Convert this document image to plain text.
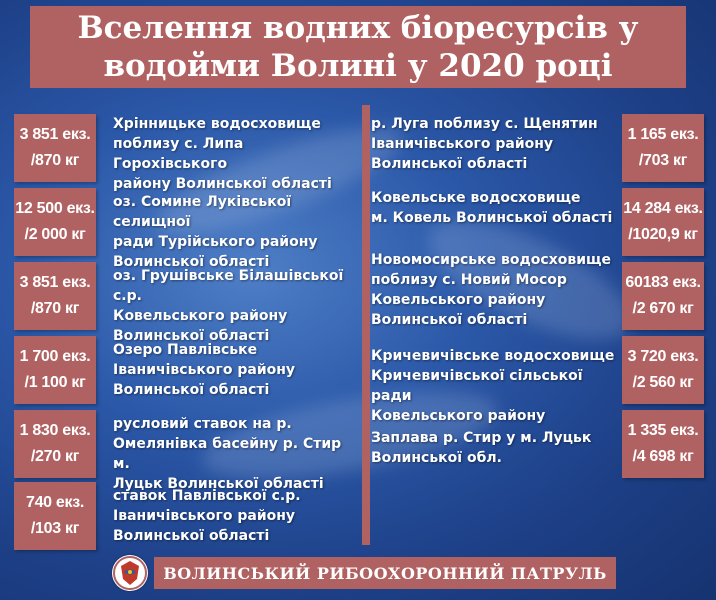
Вселення водних біоресурсів у
водойми Волині у 2020 році
3 851 екз.
/870 кг
Хрінницьке водосховище
поблизу с. Липа Горохівського
району Волинської області
12 500 екз.
/2 000 кг
оз. Сомине Луківської селищної
ради Турійського району
Волинської області
3 851 екз.
/870 кг
оз. Грушівське Білашівської с.р.
Ковельського району
Волинської області
1 700 екз.
/1 100 кг
Озеро Павлівське
Іваничівського району
Волинської області
1 830 екз.
/270 кг
русловий ставок на р.
Омелянівка басейну р. Стир м.
Луцьк Волинської області
740 екз.
/103 кг
ставок Павлівської с.р.
Іваничівського району
Волинської області
р. Луга поблизу с. Щенятин
Іваничівського району
Волинської області
1 165 екз.
/703 кг
Ковельське водосховище
м. Ковель Волинської області
14 284 екз.
/1020,9 кг
Новомосирське водосховище
поблизу с. Новий Мосор
Ковельського району
Волинської області
60183 екз.
/2 670 кг
Кричевичівське водосховище
Кричевичівської сільської ради
Ковельського району
3 720 екз.
/2 560 кг
Заплава р. Стир у м. Луцьк
Волинської обл.
1 335 екз.
/4 698 кг
ВОЛИНСЬКИЙ РИБООХОРОННИЙ ПАТРУЛЬ
